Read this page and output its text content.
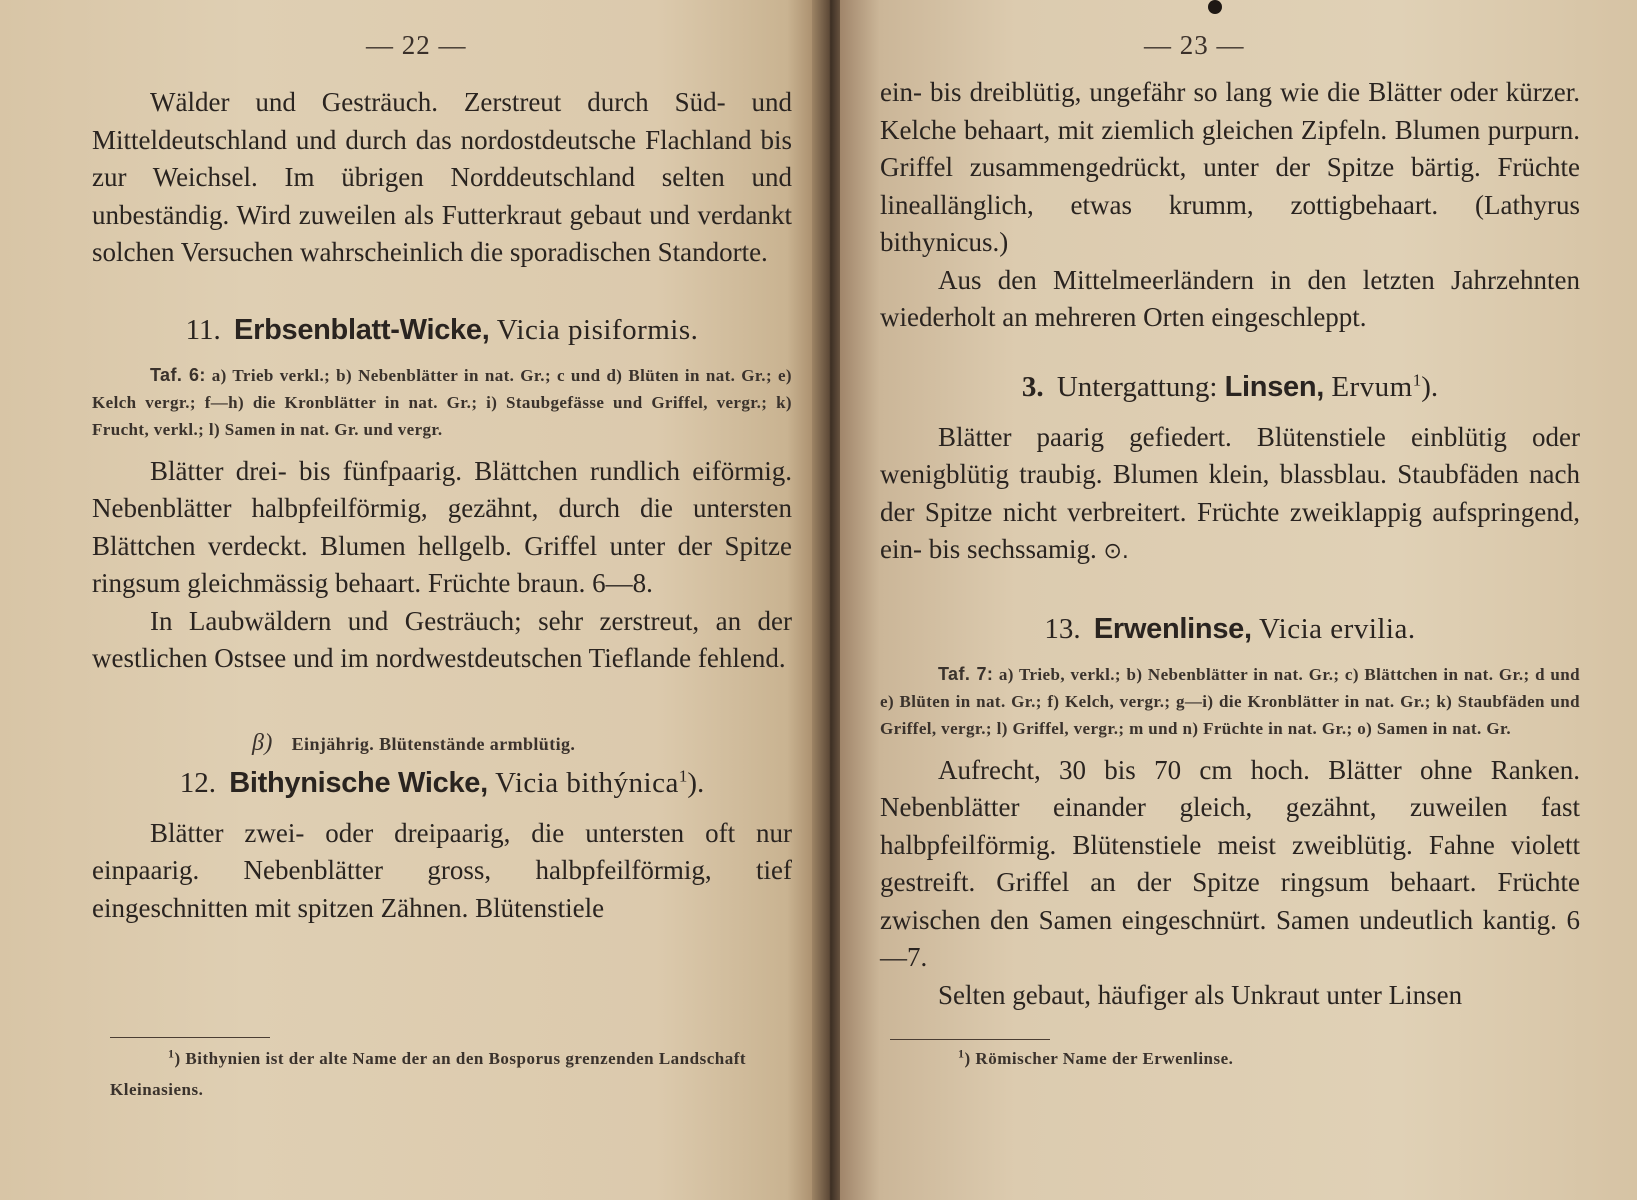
— 22 —

Wälder und Gesträuch. Zerstreut durch Süd- und Mitteldeutschland und durch das nordostdeutsche Flachland bis zur Weichsel. Im übrigen Norddeutschland selten und unbeständig. Wird zuweilen als Futterkraut gebaut und verdankt solchen Versuchen wahrscheinlich die sporadischen Standorte.

11. Erbsenblatt-Wicke, Vicia pisiformis.

Taf. 6: a) Trieb verkl.; b) Nebenblätter in nat. Gr.; c und d) Blüten in nat. Gr.; e) Kelch vergr.; f—h) die Kronblätter in nat. Gr.; i) Staubgefässe und Griffel, vergr.; k) Frucht, verkl.; l) Samen in nat. Gr. und vergr.

Blätter drei- bis fünfpaarig. Blättchen rundlich eiförmig. Nebenblätter halbpfeilförmig, gezähnt, durch die untersten Blättchen verdeckt. Blumen hellgelb. Griffel unter der Spitze ringsum gleichmässig behaart. Früchte braun. 6—8.

In Laubwäldern und Gesträuch; sehr zerstreut, an der westlichen Ostsee und im nordwestdeutschen Tieflande fehlend.

β) Einjährig. Blütenstände armblütig.

12. Bithynische Wicke, Vicia bithýnica$^1$).

Blätter zwei- oder dreipaarig, die untersten oft nur einpaarig. Nebenblätter gross, halbpfeilförmig, tief eingeschnitten mit spitzen Zähnen. Blütenstiele

$^1$) Bithynien ist der alte Name der an den Bosporus grenzenden Landschaft Kleinasiens.

— 23 —

ein- bis dreiblütig, ungefähr so lang wie die Blätter oder kürzer. Kelche behaart, mit ziemlich gleichen Zipfeln. Blumen purpurn. Griffel zusammengedrückt, unter der Spitze bärtig. Früchte lineallänglich, etwas krumm, zottigbehaart. (Lathyrus bithynicus.)

Aus den Mittelmeerländern in den letzten Jahrzehnten wiederholt an mehreren Orten eingeschleppt.

3. Untergattung: Linsen, Ervum$^1$).

Blätter paarig gefiedert. Blütenstiele einblütig oder wenigblütig traubig. Blumen klein, blassblau. Staubfäden nach der Spitze nicht verbreitert. Früchte zweiklappig aufspringend, ein- bis sechssamig. ⊙.

13. Erwenlinse, Vicia ervilia.

Taf. 7: a) Trieb, verkl.; b) Nebenblätter in nat. Gr.; c) Blättchen in nat. Gr.; d und e) Blüten in nat. Gr.; f) Kelch, vergr.; g—i) die Kronblätter in nat. Gr.; k) Staubfäden und Griffel, vergr.; l) Griffel, vergr.; m und n) Früchte in nat. Gr.; o) Samen in nat. Gr.

Aufrecht, 30 bis 70 cm hoch. Blätter ohne Ranken. Nebenblätter einander gleich, gezähnt, zuweilen fast halbpfeilförmig. Blütenstiele meist zweiblütig. Fahne violett gestreift. Griffel an der Spitze ringsum behaart. Früchte zwischen den Samen eingeschnürt. Samen undeutlich kantig. 6—7.

Selten gebaut, häufiger als Unkraut unter Linsen

$^1$) Römischer Name der Erwenlinse.
